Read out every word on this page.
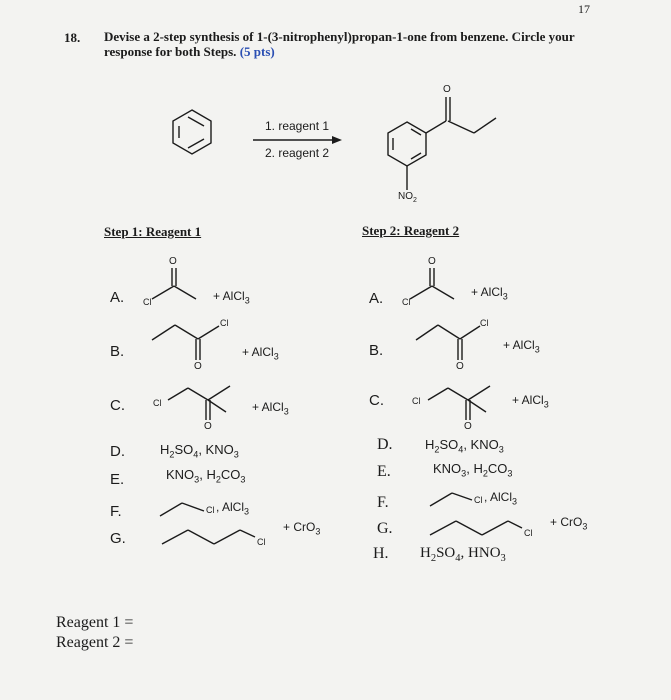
17
18. Devise a 2-step synthesis of 1-(3-nitrophenyl)propan-1-one from benzene. Circle your
response for both Steps. (5 pts)
1. reagent 1
2. reagent 2
O
$NO_2$
Step 1: Reagent 1	Step 2: Reagent 2
A. Cl
O
+ AlCl$_3$
B.
Cl
O
+ AlCl$_3$
C.	Cl
O
+ AlCl$_3$
D.	$H_2SO_4$, $KNO_3$
E.	$KNO_3$, $H_2CO_3$
F.	Cl , AlCl$_3$
G.	Cl
+ CrO$_3$
A. Cl
O
+ AlCl$_3$
B.
Cl
O
+ AlCl$_3$
C.	Cl
O
+ AlCl$_3$
D. $H_2SO_4$, $KNO_3$
E.	$KNO_3$, $H_2CO_3$
F.	Cl , AlCl$_3$
G.	Cl
+ CrO$_3$
H. $H_2SO_4$, $HNO_3$
Reagent 1 =
Reagent 2 =
